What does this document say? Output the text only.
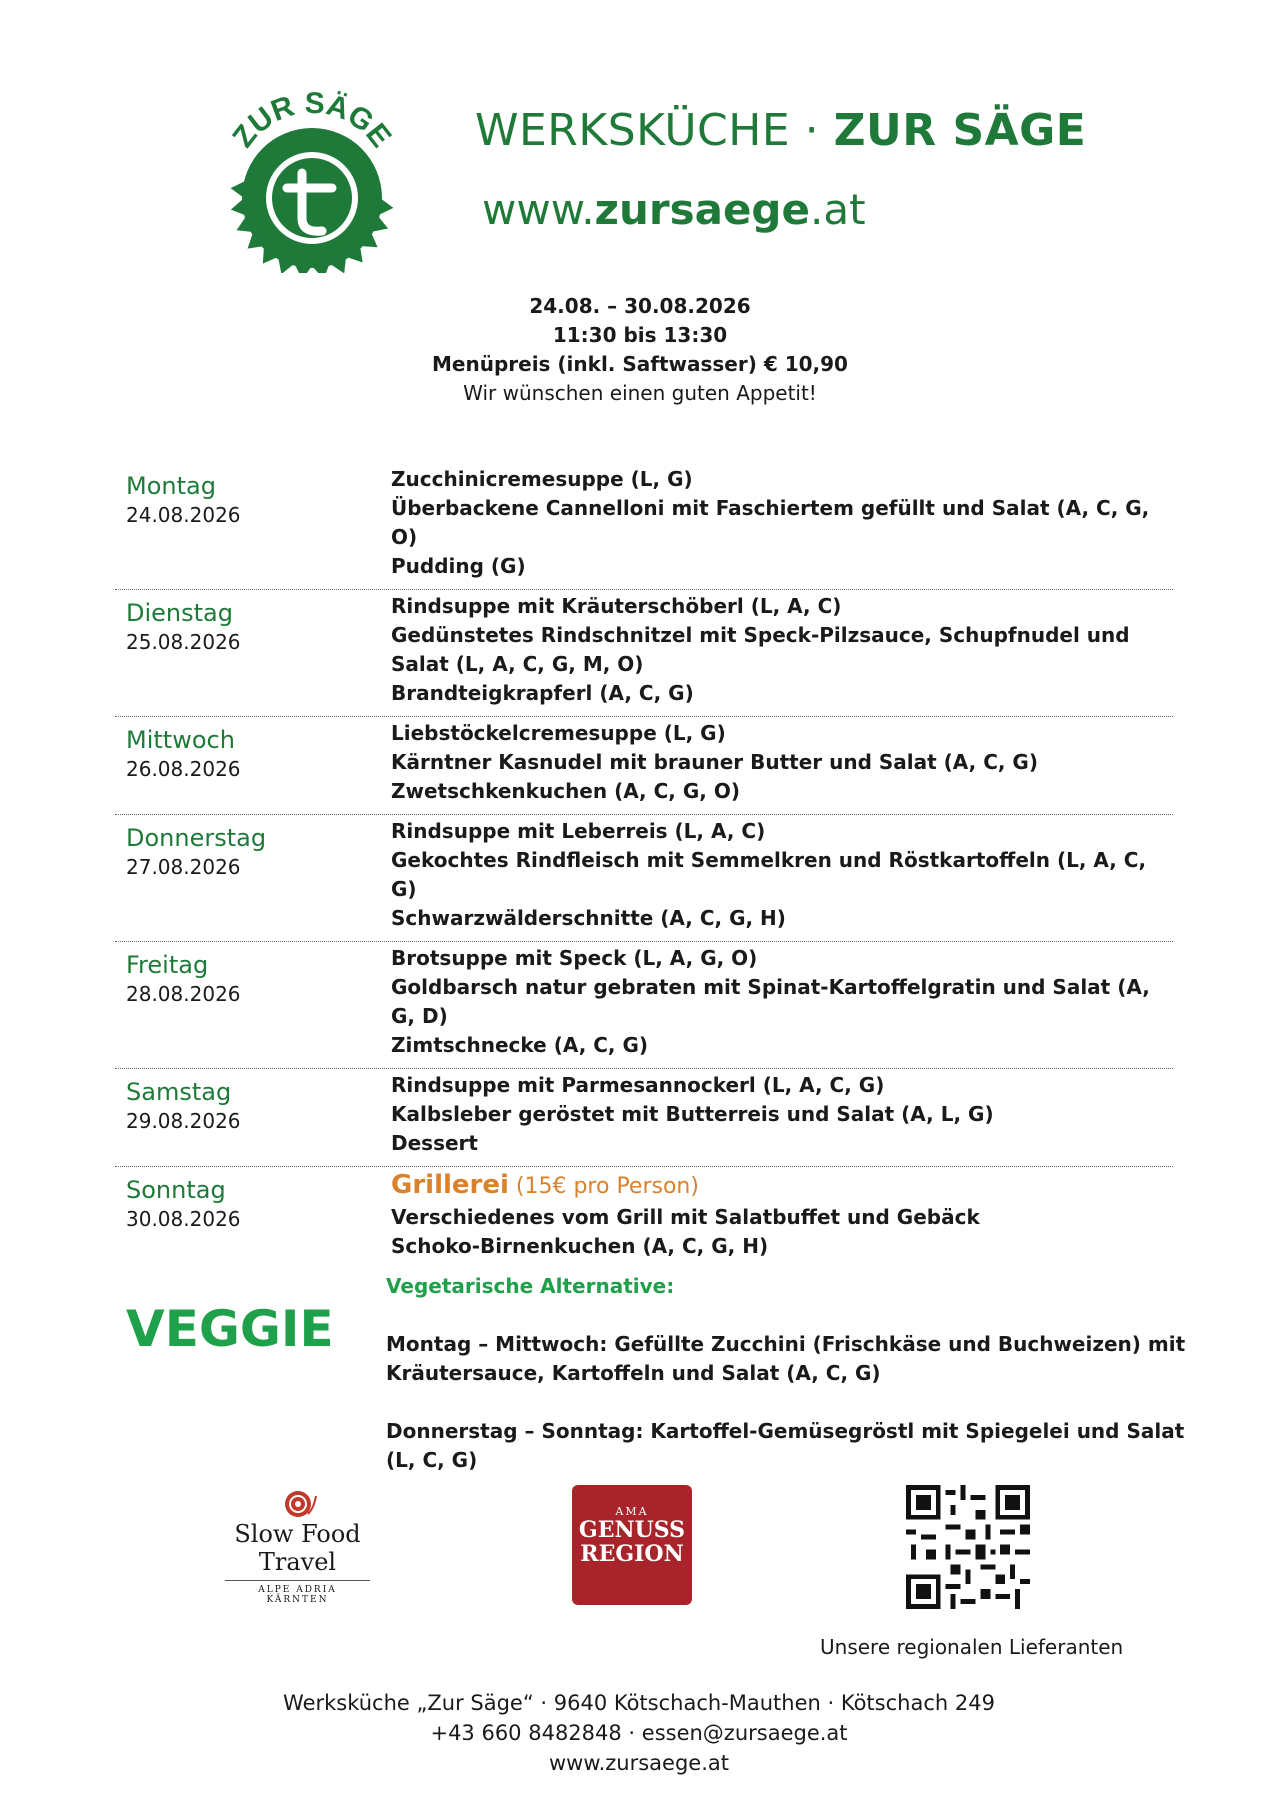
ZUR SÄGE WERKSKÜCHE · ZUR SÄGE
www.zursaege.at
24.08. – 30.08.2026
11:30 bis 13:30
Menüpreis (inkl. Saftwasser) € 10,90
Wir wünschen einen guten Appetit!
Montag
24.08.2026
Zucchinicremesuppe (L, G)
Überbackene Cannelloni mit Faschiertem gefüllt und Salat (A, C, G, O)
Pudding (G)
Dienstag
25.08.2026
Rindsuppe mit Kräuterschöberl (L, A, C)
Gedünstetes Rindschnitzel mit Speck-Pilzsauce, Schupfnudel und Salat (L, A, C, G, M, O)
Brandteigkrapferl (A, C, G)
Mittwoch
26.08.2026
Liebstöckelcremesuppe (L, G)
Kärntner Kasnudel mit brauner Butter und Salat (A, C, G)
Zwetschkenkuchen (A, C, G, O)
Donnerstag
27.08.2026
Rindsuppe mit Leberreis (L, A, C)
Gekochtes Rindfleisch mit Semmelkren und Röstkartoffeln (L, A, C, G)
Schwarzwälderschnitte (A, C, G, H)
Freitag
28.08.2026
Brotsuppe mit Speck (L, A, G, O)
Goldbarsch natur gebraten mit Spinat-Kartoffelgratin und Salat (A, G, D)
Zimtschnecke (A, C, G)
Samstag
29.08.2026
Rindsuppe mit Parmesannockerl (L, A, C, G)
Kalbsleber geröstet mit Butterreis und Salat (A, L, G)
Dessert
Sonntag
30.08.2026
Grillerei (15€ pro Person)
Verschiedenes vom Grill mit Salatbuffet und Gebäck
Schoko-Birnenkuchen (A, C, G, H)
VEGGIE
Vegetarische Alternative:
Montag – Mittwoch: Gefüllte Zucchini (Frischkäse und Buchweizen) mit Kräutersauce, Kartoffeln und Salat (A, C, G)
Donnerstag – Sonntag: Kartoffel-Gemüsegröstl mit Spiegelei und Salat (L, C, G)
Slow Food
Travel
ALPE ADRIA KÄRNTEN
AMA
GENUSS
REGION
Unsere regionalen Lieferanten
Werksküche „Zur Säge“ · 9640 Kötschach-Mauthen · Kötschach 249
+43 660 8482848 · essen@zursaege.at
www.zursaege.at
